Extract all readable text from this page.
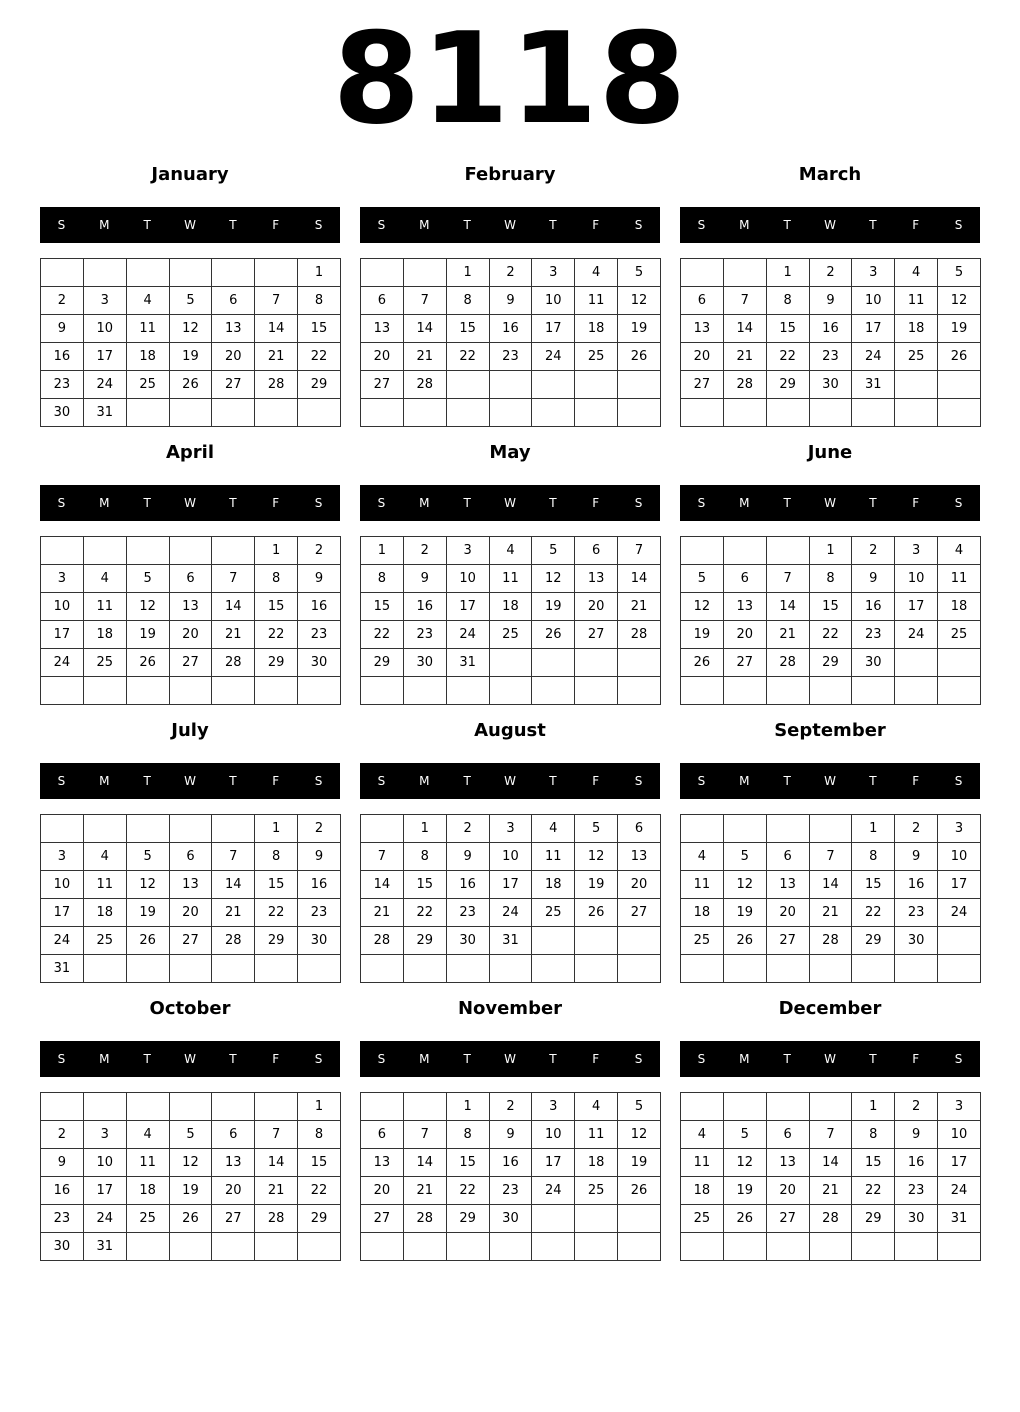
8118
January
S	M	T	W	T	F	S
						1
2	3	4	5	6	7	8
9	10	11	12	13	14	15
16	17	18	19	20	21	22
23	24	25	26	27	28	29
30	31					
February
S	M	T	W	T	F	S
		1	2	3	4	5
6	7	8	9	10	11	12
13	14	15	16	17	18	19
20	21	22	23	24	25	26
27	28					

March
S	M	T	W	T	F	S
		1	2	3	4	5
6	7	8	9	10	11	12
13	14	15	16	17	18	19
20	21	22	23	24	25	26
27	28	29	30	31		

April
S	M	T	W	T	F	S
					1	2
3	4	5	6	7	8	9
10	11	12	13	14	15	16
17	18	19	20	21	22	23
24	25	26	27	28	29	30

May
S	M	T	W	T	F	S
1	2	3	4	5	6	7
8	9	10	11	12	13	14
15	16	17	18	19	20	21
22	23	24	25	26	27	28
29	30	31				

June
S	M	T	W	T	F	S
			1	2	3	4
5	6	7	8	9	10	11
12	13	14	15	16	17	18
19	20	21	22	23	24	25
26	27	28	29	30		

July
S	M	T	W	T	F	S
					1	2
3	4	5	6	7	8	9
10	11	12	13	14	15	16
17	18	19	20	21	22	23
24	25	26	27	28	29	30
31						
August
S	M	T	W	T	F	S
	1	2	3	4	5	6
7	8	9	10	11	12	13
14	15	16	17	18	19	20
21	22	23	24	25	26	27
28	29	30	31			

September
S	M	T	W	T	F	S
				1	2	3
4	5	6	7	8	9	10
11	12	13	14	15	16	17
18	19	20	21	22	23	24
25	26	27	28	29	30	

October
S	M	T	W	T	F	S
						1
2	3	4	5	6	7	8
9	10	11	12	13	14	15
16	17	18	19	20	21	22
23	24	25	26	27	28	29
30	31					
November
S	M	T	W	T	F	S
		1	2	3	4	5
6	7	8	9	10	11	12
13	14	15	16	17	18	19
20	21	22	23	24	25	26
27	28	29	30			

December
S	M	T	W	T	F	S
				1	2	3
4	5	6	7	8	9	10
11	12	13	14	15	16	17
18	19	20	21	22	23	24
25	26	27	28	29	30	31
